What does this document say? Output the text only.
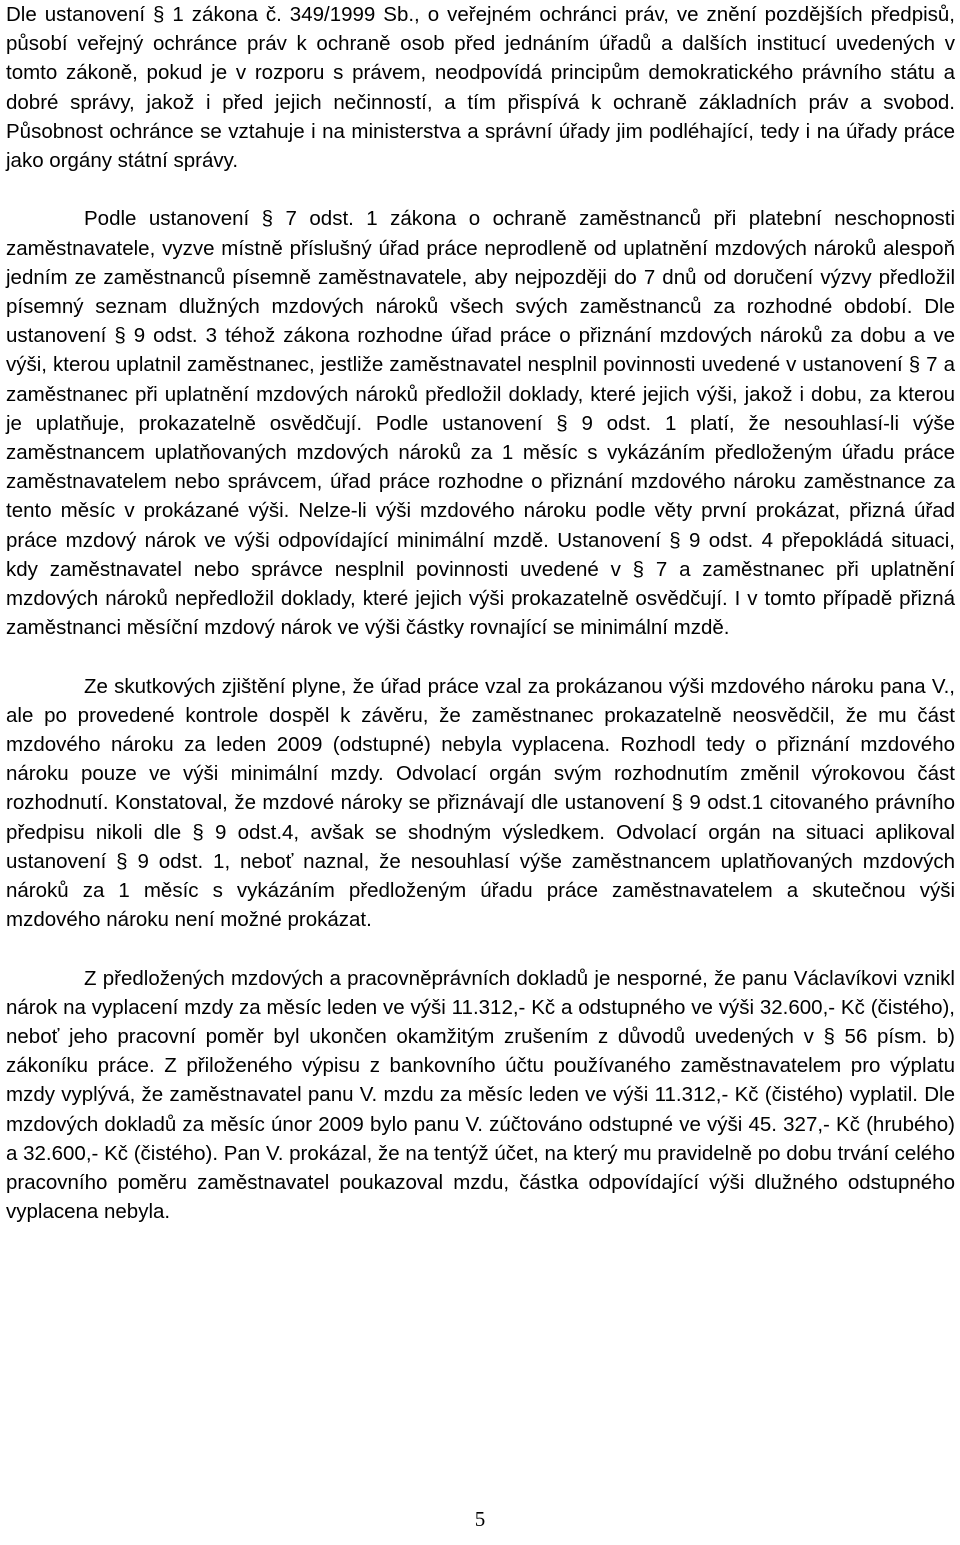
Dle ustanovení § 1 zákona č. 349/1999 Sb., o veřejném ochránci práv, ve znění pozdějších předpisů, působí veřejný ochránce práv k ochraně osob před jednáním úřadů a dalších institucí uvedených v tomto zákoně, pokud je v rozporu s právem, neodpovídá principům demokratického právního státu a dobré správy, jakož i před jejich nečinností, a tím přispívá k ochraně základních práv a svobod. Působnost ochránce se vztahuje i na ministerstva a správní úřady jim podléhající, tedy i na úřady práce jako orgány státní správy.

Podle ustanovení § 7 odst. 1 zákona o ochraně zaměstnanců při platební neschopnosti zaměstnavatele, vyzve místně příslušný úřad práce neprodleně od uplatnění mzdových nároků alespoň jedním ze zaměstnanců písemně zaměstnavatele, aby nejpozději do 7 dnů od doručení výzvy předložil písemný seznam dlužných mzdových nároků všech svých zaměstnanců za rozhodné období. Dle ustanovení § 9 odst. 3 téhož zákona rozhodne úřad práce o přiznání mzdových nároků za dobu a ve výši, kterou uplatnil zaměstnanec, jestliže zaměstnavatel nesplnil povinnosti uvedené v ustanovení § 7 a zaměstnanec při uplatnění mzdových nároků předložil doklady, které jejich výši, jakož i dobu, za kterou je uplatňuje, prokazatelně osvědčují. Podle ustanovení § 9 odst. 1 platí, že nesouhlasí-li výše zaměstnancem uplatňovaných mzdových nároků za 1 měsíc s vykázáním předloženým úřadu práce zaměstnavatelem nebo správcem, úřad práce rozhodne o přiznání mzdového nároku zaměstnance za tento měsíc v prokázané výši. Nelze-li výši mzdového nároku podle věty první prokázat, přizná úřad práce mzdový nárok ve výši odpovídající minimální mzdě. Ustanovení § 9 odst. 4 přepokládá situaci, kdy zaměstnavatel nebo správce nesplnil povinnosti uvedené v § 7 a zaměstnanec při uplatnění mzdových nároků nepředložil doklady, které jejich výši prokazatelně osvědčují. I v tomto případě přizná zaměstnanci měsíční mzdový nárok ve výši částky rovnající se minimální mzdě.

Ze skutkových zjištění plyne, že úřad práce vzal za prokázanou výši mzdového nároku pana V., ale po provedené kontrole dospěl k závěru, že zaměstnanec prokazatelně neosvědčil, že mu část mzdového nároku za leden 2009 (odstupné) nebyla vyplacena. Rozhodl tedy o přiznání mzdového nároku pouze ve výši minimální mzdy. Odvolací orgán svým rozhodnutím změnil výrokovou část rozhodnutí. Konstatoval, že mzdové nároky se přiznávají dle ustanovení § 9 odst.1 citovaného právního předpisu nikoli dle § 9 odst.4, avšak se shodným výsledkem. Odvolací orgán na situaci aplikoval ustanovení § 9 odst. 1, neboť naznal, že nesouhlasí výše zaměstnancem uplatňovaných mzdových nároků za 1 měsíc s vykázáním předloženým úřadu práce zaměstnavatelem a skutečnou výši mzdového nároku není možné prokázat.

Z předložených mzdových a pracovněprávních dokladů je nesporné, že panu Václavíkovi vznikl nárok na vyplacení mzdy za měsíc leden ve výši 11.312,- Kč a odstupného ve výši 32.600,- Kč (čistého), neboť jeho pracovní poměr byl ukončen okamžitým zrušením z důvodů uvedených v § 56 písm. b) zákoníku práce. Z přiloženého výpisu z bankovního účtu používaného zaměstnavatelem pro výplatu mzdy vyplývá, že zaměstnavatel panu V. mzdu za měsíc leden ve výši 11.312,- Kč (čistého) vyplatil. Dle mzdových dokladů za měsíc únor 2009 bylo panu V. zúčtováno odstupné ve výši 45. 327,- Kč (hrubého) a 32.600,- Kč (čistého). Pan V. prokázal, že na tentýž účet, na který mu pravidelně po dobu trvání celého pracovního poměru zaměstnavatel poukazoval mzdu, částka odpovídající výši dlužného odstupného vyplacena nebyla.

5
